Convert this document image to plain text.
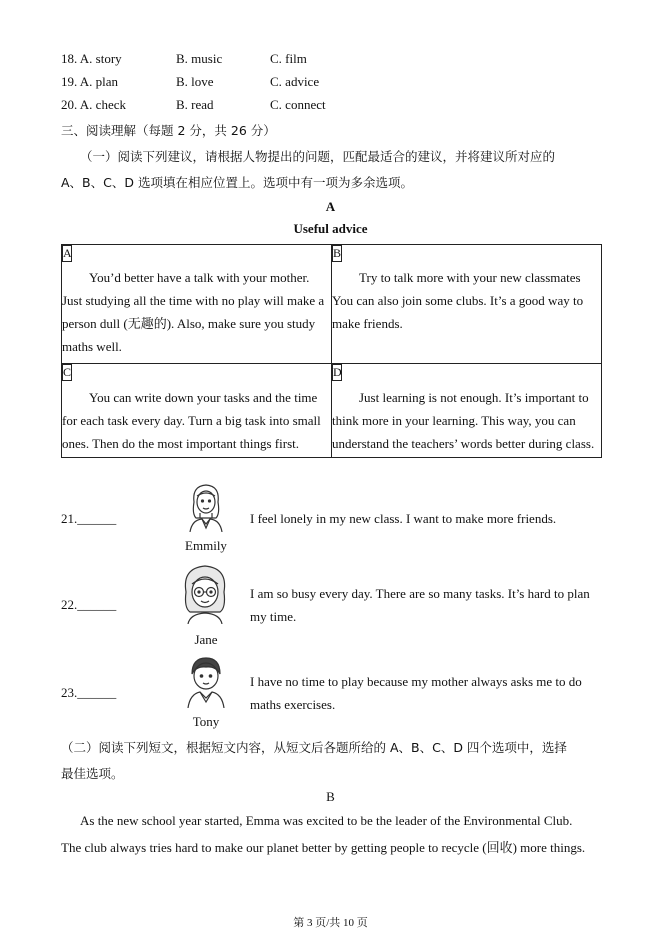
18. A. story	B. music	C. film
19. A. plan	B. love	C. advice
20. A. check	B. read	C. connect
三、阅读理解（每题 2 分，共 26 分）
（一）阅读下列建议，请根据人物提出的问题，匹配最适合的建议，并将建议所对应的
A、B、C、D 选项填在相应位置上。选项中有一项为多余选项。
A
Useful advice
A

You’d better have a talk with your mother.

Just studying all the time with no play will make a

person dull (无趣的). Also, make sure you study

maths well.

B

Try to talk more with your new classmates

You can also join some clubs. It’s a good way to

make friends.

C

You can write down your tasks and the time

for each task every day. Turn a big task into small

ones. Then do the most important things first.

D

Just learning is not enough. It’s important to

think more in your learning. This way, you can

understand the teachers’ words better during class.

21.______
Emmily
I feel lonely in my new class. I want to make more friends.
22.______
Jane
I am so busy every day. There are so many tasks. It’s hard to plan
my time.
23.______
Tony
I have no time to play because my mother always asks me to do
maths exercises.
（二）阅读下列短文，根据短文内容，从短文后各题所给的 A、B、C、D 四个选项中，选择
最佳选项。
B
As the new school year started, Emma was excited to be the leader of the Environmental Club.
The club always tries hard to make our planet better by getting people to recycle (回收) more things.
第 3 页/共 10 页
